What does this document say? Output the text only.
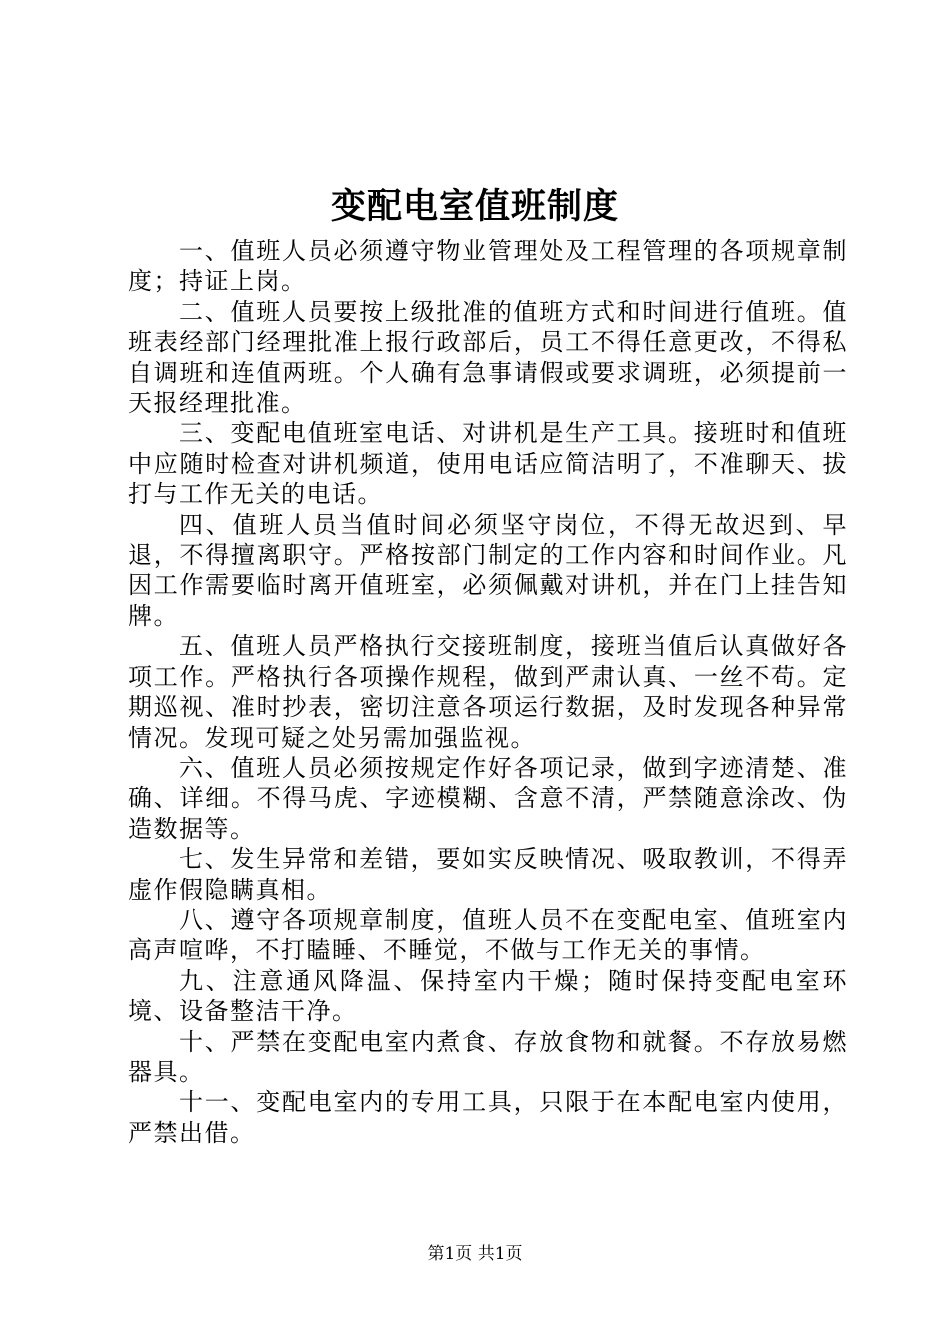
变配电室值班制度

一、值班人员必须遵守物业管理处及工程管理的各项规章制度；持证上岗。

二、值班人员要按上级批准的值班方式和时间进行值班。值班表经部门经理批准上报行政部后，员工不得任意更改，不得私自调班和连值两班。个人确有急事请假或要求调班，必须提前一天报经理批准。

三、变配电值班室电话、对讲机是生产工具。接班时和值班中应随时检查对讲机频道，使用电话应简洁明了，不准聊天、拔打与工作无关的电话。

四、值班人员当值时间必须坚守岗位，不得无故迟到、早退，不得擅离职守。严格按部门制定的工作内容和时间作业。凡因工作需要临时离开值班室，必须佩戴对讲机，并在门上挂告知牌。

五、值班人员严格执行交接班制度，接班当值后认真做好各项工作。严格执行各项操作规程，做到严肃认真、一丝不苟。定期巡视、准时抄表，密切注意各项运行数据，及时发现各种异常情况。发现可疑之处另需加强监视。

六、值班人员必须按规定作好各项记录，做到字迹清楚、准确、详细。不得马虎、字迹模糊、含意不清，严禁随意涂改、伪造数据等。

七、发生异常和差错，要如实反映情况、吸取教训，不得弄虚作假隐瞒真相。

八、遵守各项规章制度，值班人员不在变配电室、值班室内高声喧哗，不打瞌睡、不睡觉，不做与工作无关的事情。

九、注意通风降温、保持室内干燥；随时保持变配电室环境、设备整洁干净。

十、严禁在变配电室内煮食、存放食物和就餐。不存放易燃器具。

十一、变配电室内的专用工具，只限于在本配电室内使用，严禁出借。

第1页 共1页
